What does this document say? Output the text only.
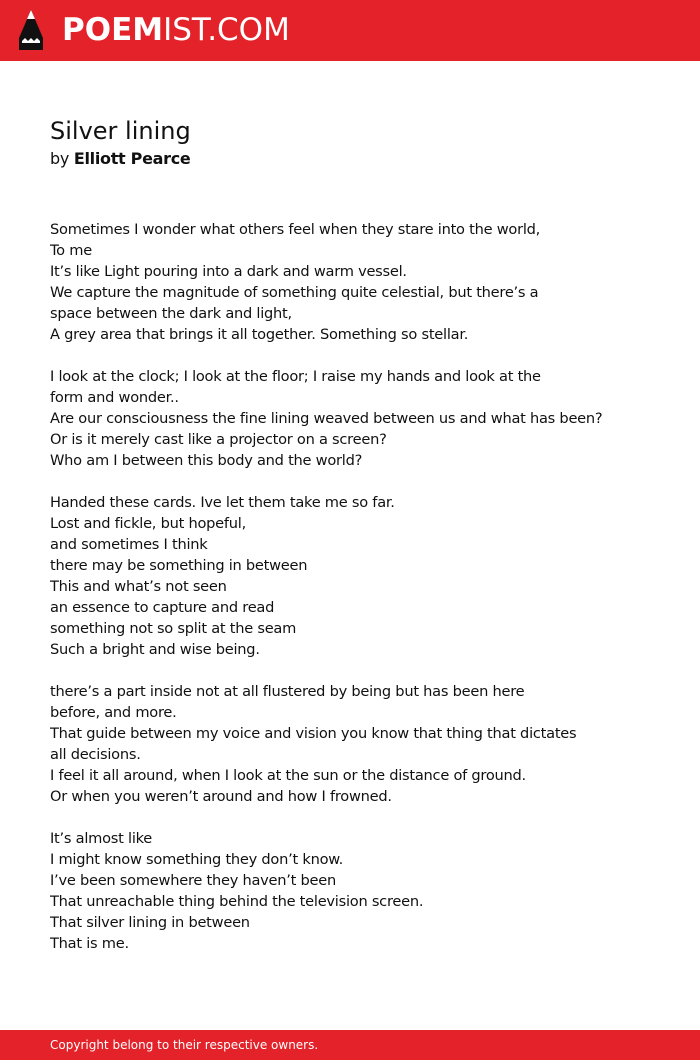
POEMIST.COM
Silver lining
by Elliott Pearce
Sometimes I wonder what others feel when they stare into the world,
To me
It’s like Light pouring into a dark and warm vessel.
We capture the magnitude of something quite celestial, but there’s a
space between the dark and light,
A grey area that brings it all together. Something so stellar.
I look at the clock; I look at the floor; I raise my hands and look at the
form and wonder..
Are our consciousness the fine lining weaved between us and what has been?
Or is it merely cast like a projector on a screen?
Who am I between this body and the world?
Handed these cards. Ive let them take me so far.
Lost and fickle, but hopeful,
and sometimes I think
there may be something in between
This and what’s not seen
an essence to capture and read
something not so split at the seam
Such a bright and wise being.
there’s a part inside not at all flustered by being but has been here
before, and more.
That guide between my voice and vision you know that thing that dictates
all decisions.
I feel it all around, when I look at the sun or the distance of ground.
Or when you weren’t around and how I frowned.
It’s almost like
I might know something they don’t know.
I’ve been somewhere they haven’t been
That unreachable thing behind the television screen.
That silver lining in between
That is me.
Copyright belong to their respective owners.
